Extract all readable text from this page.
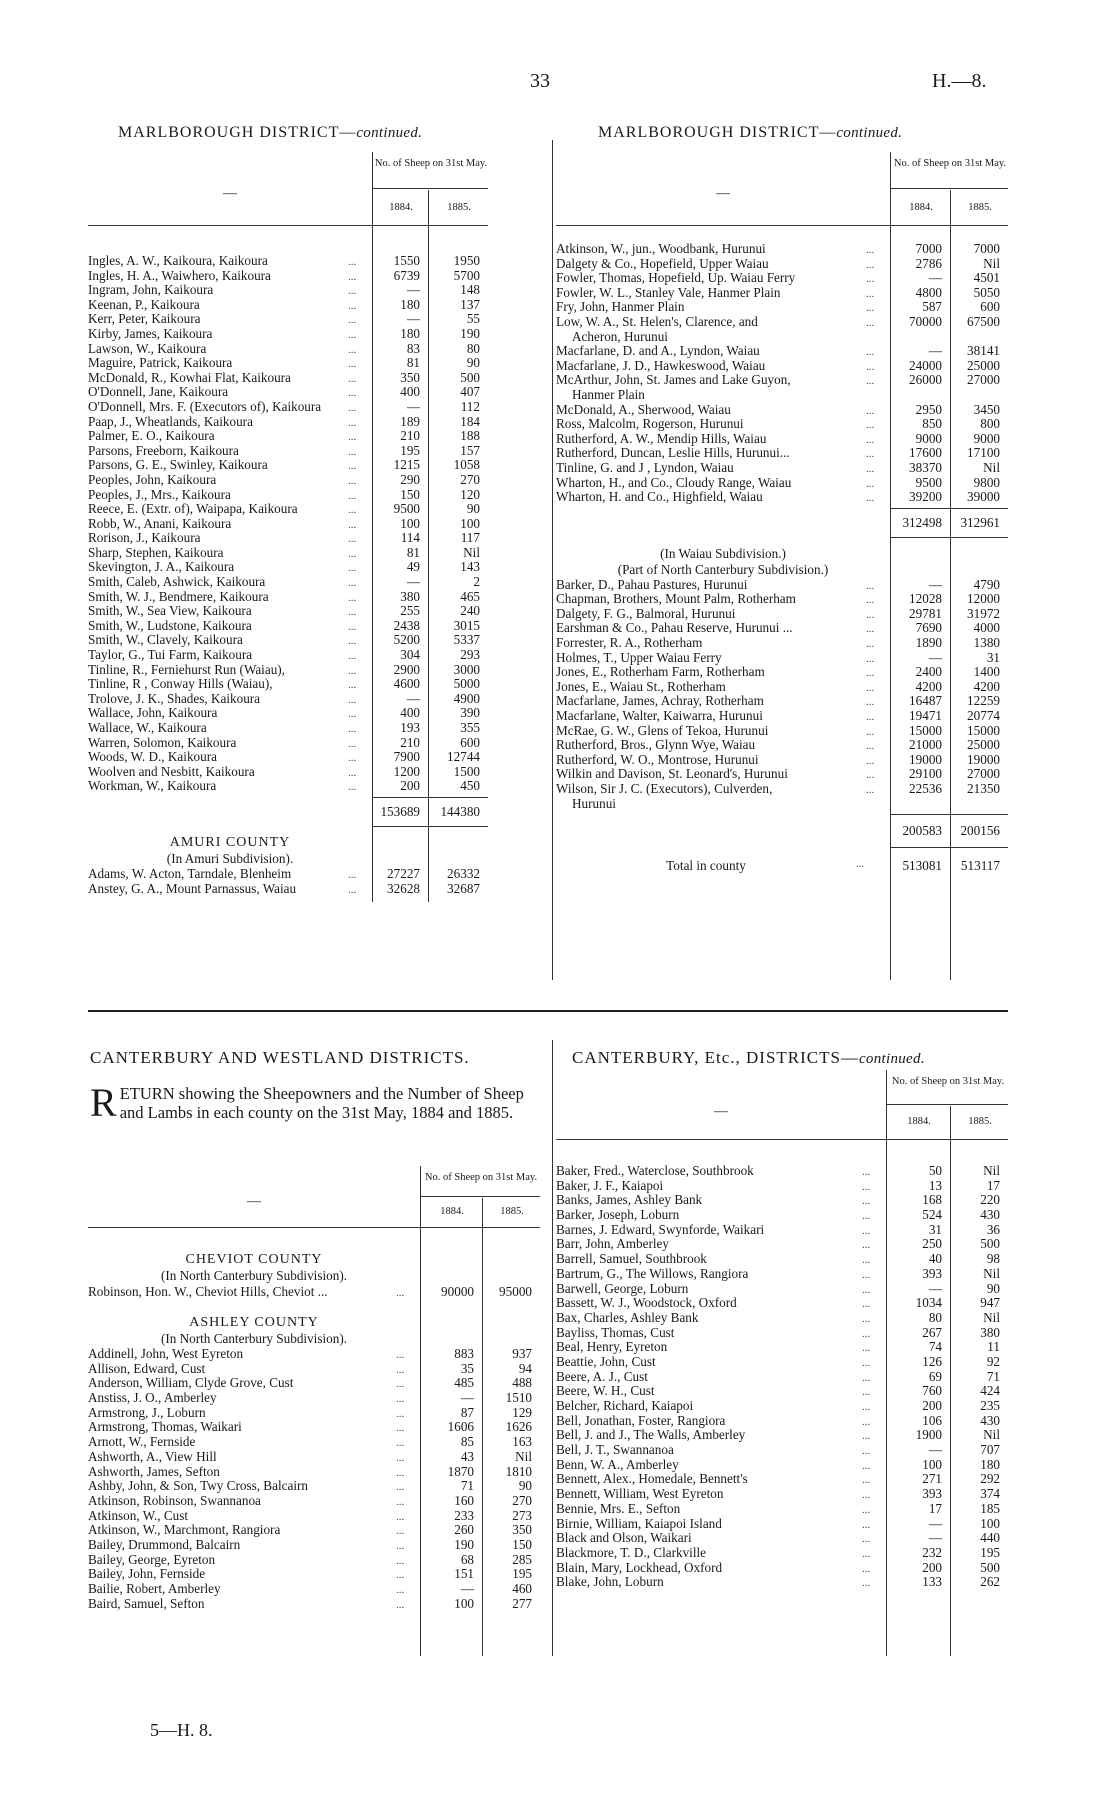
33	H.—8.
MARLBOROUGH DISTRICT—continued.
—
No. of Sheep on 31st May.
1884.	1885.
Ingles, A. W., Kaikoura, Kaikoura	...	1550	1950
Ingles, H. A., Waiwhero, Kaikoura	...	6739	5700
Ingram, John, Kaikoura	...	—	148
Keenan, P., Kaikoura	...	180	137
Kerr, Peter, Kaikoura	...	—	55
Kirby, James, Kaikoura	...	180	190
Lawson, W., Kaikoura	...	83	80
Maguire, Patrick, Kaikoura	...	81	90
McDonald, R., Kowhai Flat, Kaikoura	...	350	500
O'Donnell, Jane, Kaikoura	...	400	407
O'Donnell, Mrs. F. (Executors of), Kaikoura	...	—	112
Paap, J., Wheatlands, Kaikoura	...	189	184
Palmer, E. O., Kaikoura	...	210	188
Parsons, Freeborn, Kaikoura	...	195	157
Parsons, G. E., Swinley, Kaikoura	...	1215	1058
Peoples, John, Kaikoura	...	290	270
Peoples, J., Mrs., Kaikoura	...	150	120
Reece, E. (Extr. of), Waipapa, Kaikoura	...	9500	90
Robb, W., Anani, Kaikoura	...	100	100
Rorison, J., Kaikoura	...	114	117
Sharp, Stephen, Kaikoura	...	81	Nil
Skevington, J. A., Kaikoura	...	49	143
Smith, Caleb, Ashwick, Kaikoura	...	—	2
Smith, W. J., Bendmere, Kaikoura	...	380	465
Smith, W., Sea View, Kaikoura	...	255	240
Smith, W., Ludstone, Kaikoura	...	2438	3015
Smith, W., Clavely, Kaikoura	...	5200	5337
Taylor, G., Tui Farm, Kaikoura	...	304	293
Tinline, R., Ferniehurst Run (Waiau),	...	2900	3000
Tinline, R , Conway Hills (Waiau),	...	4600	5000
Trolove, J. K., Shades, Kaikoura	...	—	4900
Wallace, John, Kaikoura	...	400	390
Wallace, W., Kaikoura	...	193	355
Warren, Solomon, Kaikoura	...	210	600
Woods, W. D., Kaikoura	...	7900	12744
Woolven and Nesbitt, Kaikoura	...	1200	1500
Workman, W., Kaikoura	...	200	450
153689	144380
AMURI COUNTY
(In Amuri Subdivision).
Adams, W. Acton, Tarndale, Blenheim	...	27227	26332
Anstey, G. A., Mount Parnassus, Waiau	...	32628	32687
MARLBOROUGH DISTRICT—continued.
—
No. of Sheep on 31st May.
1884.	1885.
Atkinson, W., jun., Woodbank, Hurunui	...	7000	7000
Dalgety & Co., Hopefield, Upper Waiau	...	2786	Nil
Fowler, Thomas, Hopefield, Up. Waiau Ferry	...	—	4501
Fowler, W. L., Stanley Vale, Hanmer Plain	...	4800	5050
Fry, John, Hanmer Plain	...	587	600
Low, W. A., St. Helen's, Clarence, and	...	70000	67500
Acheron, Hurunui
Macfarlane, D. and A., Lyndon, Waiau	...	—	38141
Macfarlane, J. D., Hawkeswood, Waiau	...	24000	25000
McArthur, John, St. James and Lake Guyon,	...	26000	27000
Hanmer Plain
McDonald, A., Sherwood, Waiau	...	2950	3450
Ross, Malcolm, Rogerson, Hurunui	...	850	800
Rutherford, A. W., Mendip Hills, Waiau	...	9000	9000
Rutherford, Duncan, Leslie Hills, Hurunui...	...	17600	17100
Tinline, G. and J , Lyndon, Waiau	...	38370	Nil
Wharton, H., and Co., Cloudy Range, Waiau	...	9500	9800
Wharton, H. and Co., Highfield, Waiau	...	39200	39000
312498	312961
(In Waiau Subdivision.)
(Part of North Canterbury Subdivision.)
Barker, D., Pahau Pastures, Hurunui	...	—	4790
Chapman, Brothers, Mount Palm, Rotherham	...	12028	12000
Dalgety, F. G., Balmoral, Hurunui	...	29781	31972
Earshman & Co., Pahau Reserve, Hurunui ...	...	7690	4000
Forrester, R. A., Rotherham	...	1890	1380
Holmes, T., Upper Waiau Ferry	...	—	31
Jones, E., Rotherham Farm, Rotherham	...	2400	1400
Jones, E., Waiau St., Rotherham	...	4200	4200
Macfarlane, James, Achray, Rotherham	...	16487	12259
Macfarlane, Walter, Kaiwarra, Hurunui	...	19471	20774
McRae, G. W., Glens of Tekoa, Hurunui	...	15000	15000
Rutherford, Bros., Glynn Wye, Waiau	...	21000	25000
Rutherford, W. O., Montrose, Hurunui	...	19000	19000
Wilkin and Davison, St. Leonard's, Hurunui	...	29100	27000
Wilson, Sir J. C. (Executors), Culverden,	...	22536	21350
Hurunui
200583	200156
Total in county	...	513081	513117
CANTERBURY AND WESTLAND DISTRICTS.
RETURN showing the Sheepowners and the Number of Sheep and Lambs in each county on the 31st May, 1884 and 1885.
—
No. of Sheep on 31st May.
1884.	1885.
CHEVIOT COUNTY
(In North Canterbury Subdivision).
Robinson, Hon. W., Cheviot Hills, Cheviot ...	...	90000	95000
ASHLEY COUNTY
(In North Canterbury Subdivision).
Addinell, John, West Eyreton	...	883	937
Allison, Edward, Cust	...	35	94
Anderson, William, Clyde Grove, Cust	...	485	488
Anstiss, J. O., Amberley	...	—	1510
Armstrong, J., Loburn	...	87	129
Armstrong, Thomas, Waikari	...	1606	1626
Arnott, W., Fernside	...	85	163
Ashworth, A., View Hill	...	43	Nil
Ashworth, James, Sefton	...	1870	1810
Ashby, John, & Son, Twy Cross, Balcairn	...	71	90
Atkinson, Robinson, Swannanoa	...	160	270
Atkinson, W., Cust	...	233	273
Atkinson, W., Marchmont, Rangiora	...	260	350
Bailey, Drummond, Balcairn	...	190	150
Bailey, George, Eyreton	...	68	285
Bailey, John, Fernside	...	151	195
Bailie, Robert, Amberley	...	—	460
Baird, Samuel, Sefton	...	100	277
5—H. 8.
CANTERBURY, Etc., DISTRICTS—continued.
—
No. of Sheep on 31st May.
1884.	1885.
Baker, Fred., Waterclose, Southbrook	...	50	Nil
Baker, J. F., Kaiapoi	...	13	17
Banks, James, Ashley Bank	...	168	220
Barker, Joseph, Loburn	...	524	430
Barnes, J. Edward, Swynforde, Waikari	...	31	36
Barr, John, Amberley	...	250	500
Barrell, Samuel, Southbrook	...	40	98
Bartrum, G., The Willows, Rangiora	...	393	Nil
Barwell, George, Loburn	...	—	90
Bassett, W. J., Woodstock, Oxford	...	1034	947
Bax, Charles, Ashley Bank	...	80	Nil
Bayliss, Thomas, Cust	...	267	380
Beal, Henry, Eyreton	...	74	11
Beattie, John, Cust	...	126	92
Beere, A. J., Cust	...	69	71
Beere, W. H., Cust	...	760	424
Belcher, Richard, Kaiapoi	...	200	235
Bell, Jonathan, Foster, Rangiora	...	106	430
Bell, J. and J., The Walls, Amberley	...	1900	Nil
Bell, J. T., Swannanoa	...	—	707
Benn, W. A., Amberley	...	100	180
Bennett, Alex., Homedale, Bennett's	...	271	292
Bennett, William, West Eyreton	...	393	374
Bennie, Mrs. E., Sefton	...	17	185
Birnie, William, Kaiapoi Island	...	—	100
Black and Olson, Waikari	...	—	440
Blackmore, T. D., Clarkville	...	232	195
Blain, Mary, Lockhead, Oxford	...	200	500
Blake, John, Loburn	...	133	262
